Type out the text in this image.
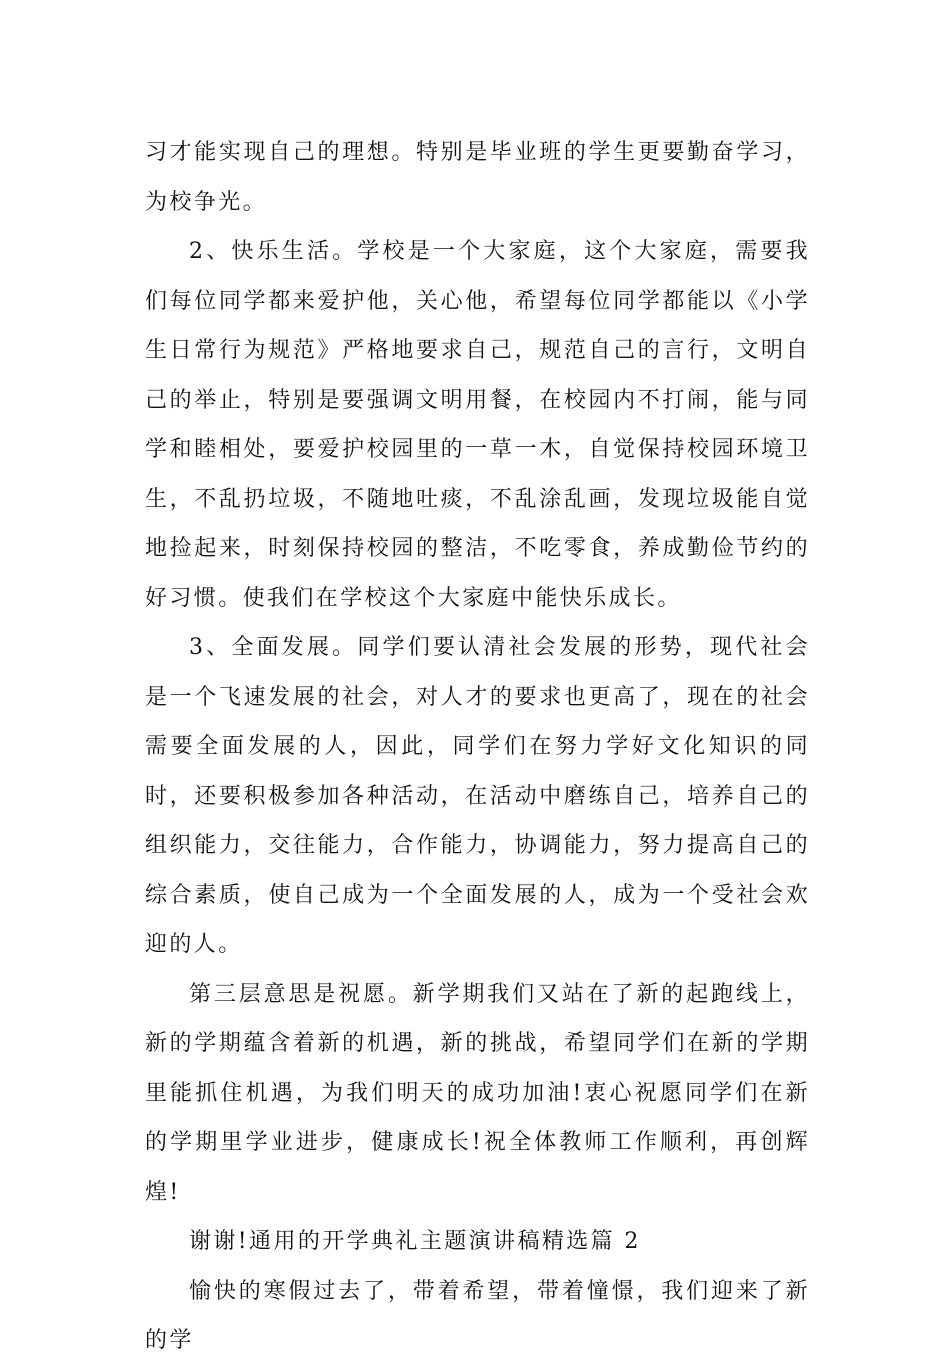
习才能实现自己的理想。特别是毕业班的学生更要勤奋学习，为校争光。

2、快乐生活。学校是一个大家庭，这个大家庭，需要我们每位同学都来爱护他，关心他，希望每位同学都能以《小学生日常行为规范》严格地要求自己，规范自己的言行，文明自己的举止，特别是要强调文明用餐，在校园内不打闹，能与同学和睦相处，要爱护校园里的一草一木，自觉保持校园环境卫生，不乱扔垃圾，不随地吐痰，不乱涂乱画，发现垃圾能自觉地捡起来，时刻保持校园的整洁，不吃零食，养成勤俭节约的好习惯。使我们在学校这个大家庭中能快乐成长。

3、全面发展。同学们要认清社会发展的形势，现代社会是一个飞速发展的社会，对人才的要求也更高了，现在的社会需要全面发展的人，因此，同学们在努力学好文化知识的同时，还要积极参加各种活动，在活动中磨练自己，培养自己的组织能力，交往能力，合作能力，协调能力，努力提高自己的综合素质，使自己成为一个全面发展的人，成为一个受社会欢迎的人。

第三层意思是祝愿。新学期我们又站在了新的起跑线上，新的学期蕴含着新的机遇，新的挑战，希望同学们在新的学期里能抓住机遇，为我们明天的成功加油!衷心祝愿同学们在新的学期里学业进步，健康成长!祝全体教师工作顺利，再创辉煌!

谢谢!通用的开学典礼主题演讲稿精选篇 2

愉快的寒假过去了，带着希望，带着憧憬，我们迎来了新的学
